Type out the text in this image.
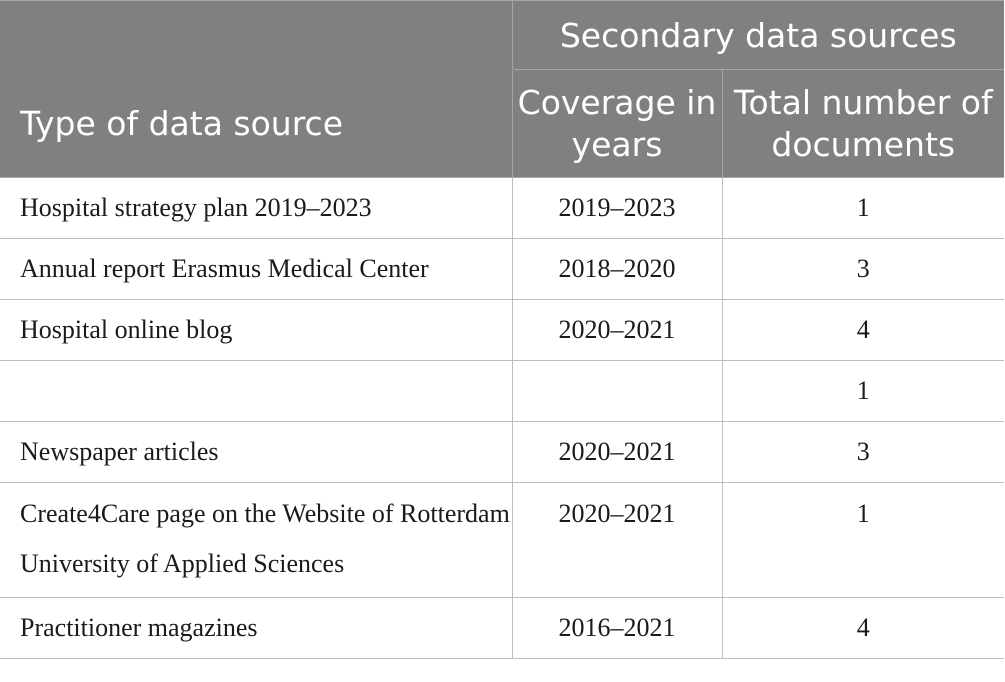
	Secondary data sources	
Type of data source	Coverage in years	Total number of documents
Hospital strategy plan 2019–2023	2019–2023	1
Annual report Erasmus Medical Center	2018–2020	3
Hospital online blog	2020–2021	4
		1
Newspaper articles	2020–2021	3
Create4Care page on the Website of Rotterdam University of Applied Sciences	2020–2021	1
Practitioner magazines	2016–2021	4
